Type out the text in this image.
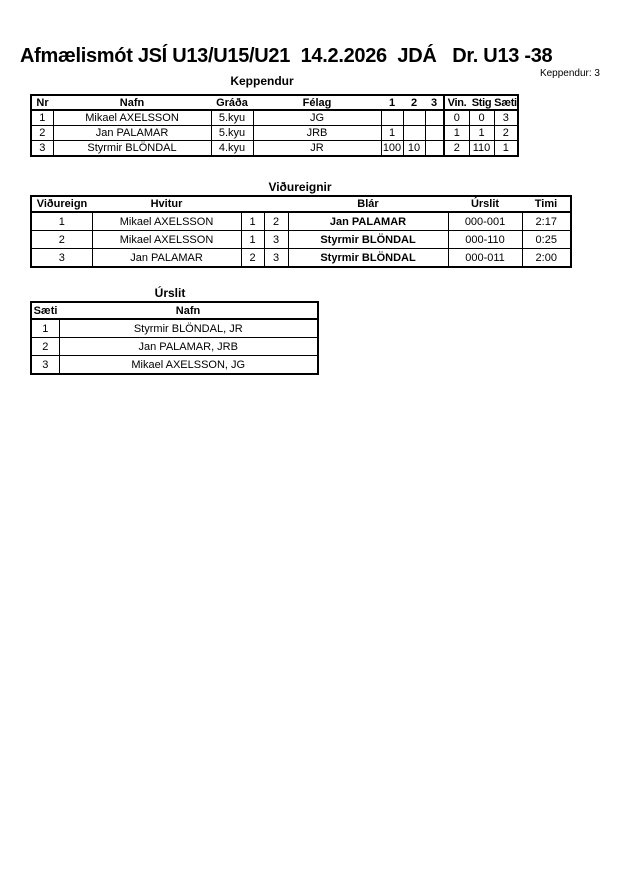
Afmælismót JSÍ U13/U15/U21  14.2.2026  JDÁ   Dr. U13 -38
Keppendur: 3
Keppendur
Nr	Nafn	Gráða	Félag	1	2	3	Vin.	Stig	Sæti
1	Mikael AXELSSON	5.kyu	JG				0	0	3
2	Jan PALAMAR	5.kyu	JRB	1			1	1	2
3	Styrmir BLÖNDAL	4.kyu	JR	100	10		2	110	1
Viðureignir
Viðureign	Hvitur			Blár	Úrslit	Timi
1	Mikael AXELSSON	1	2	Jan PALAMAR	000-001	2:17
2	Mikael AXELSSON	1	3	Styrmir BLÖNDAL	000-110	0:25
3	Jan PALAMAR	2	3	Styrmir BLÖNDAL	000-011	2:00
Úrslit
Sæti	Nafn
1	Styrmir BLÖNDAL, JR
2	Jan PALAMAR, JRB
3	Mikael AXELSSON, JG
